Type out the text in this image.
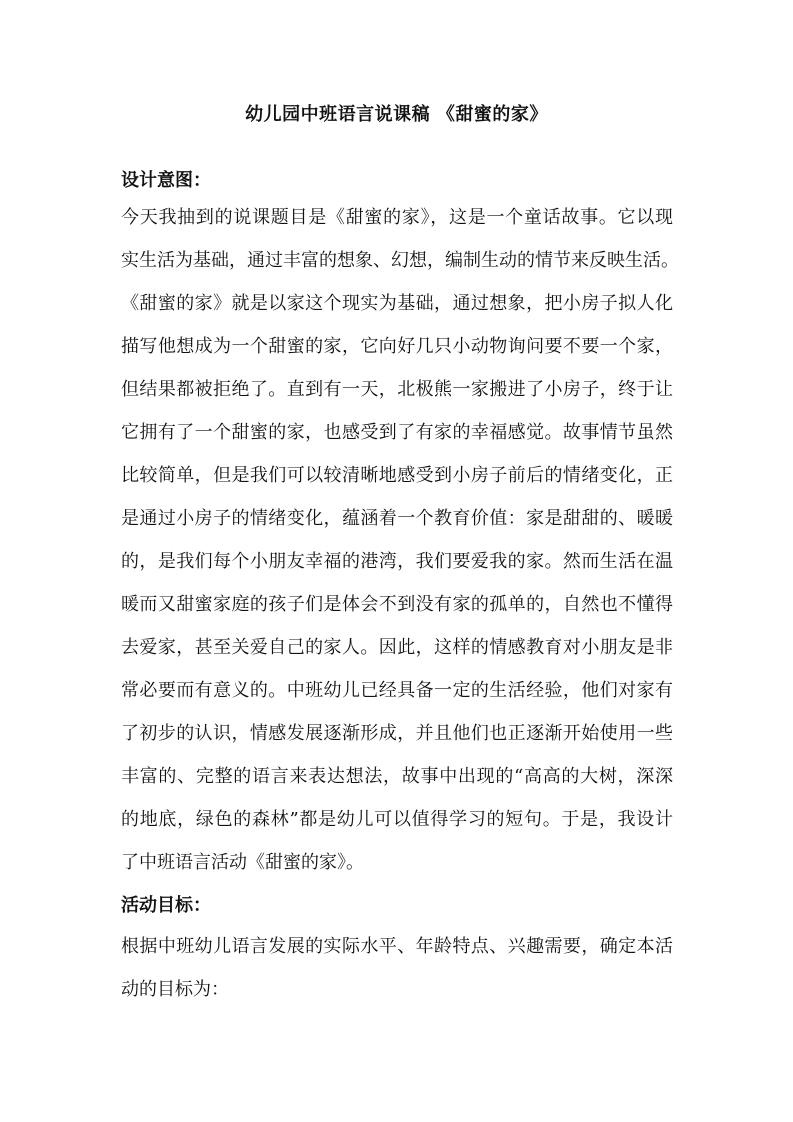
幼儿园中班语言说课稿 《甜蜜的家》
设计意图：
今天我抽到的说课题目是《甜蜜的家》，这是一个童话故事。它以现
实生活为基础，通过丰富的想象、幻想，编制生动的情节来反映生活。
《甜蜜的家》就是以家这个现实为基础，通过想象，把小房子拟人化
描写他想成为一个甜蜜的家，它向好几只小动物询问要不要一个家，
但结果都被拒绝了。直到有一天，北极熊一家搬进了小房子，终于让
它拥有了一个甜蜜的家，也感受到了有家的幸福感觉。故事情节虽然
比较简单，但是我们可以较清晰地感受到小房子前后的情绪变化，正
是通过小房子的情绪变化，蕴涵着一个教育价值：家是甜甜的、暖暖
的，是我们每个小朋友幸福的港湾，我们要爱我的家。然而生活在温
暖而又甜蜜家庭的孩子们是体会不到没有家的孤单的，自然也不懂得
去爱家，甚至关爱自己的家人。因此，这样的情感教育对小朋友是非
常必要而有意义的。中班幼儿已经具备一定的生活经验，他们对家有
了初步的认识，情感发展逐渐形成，并且他们也正逐渐开始使用一些
丰富的、完整的语言来表达想法，故事中出现的“高高的大树，深深
的地底，绿色的森林”都是幼儿可以值得学习的短句。于是，我设计
了中班语言活动《甜蜜的家》。
活动目标：
根据中班幼儿语言发展的实际水平、年龄特点、兴趣需要，确定本活
动的目标为：
